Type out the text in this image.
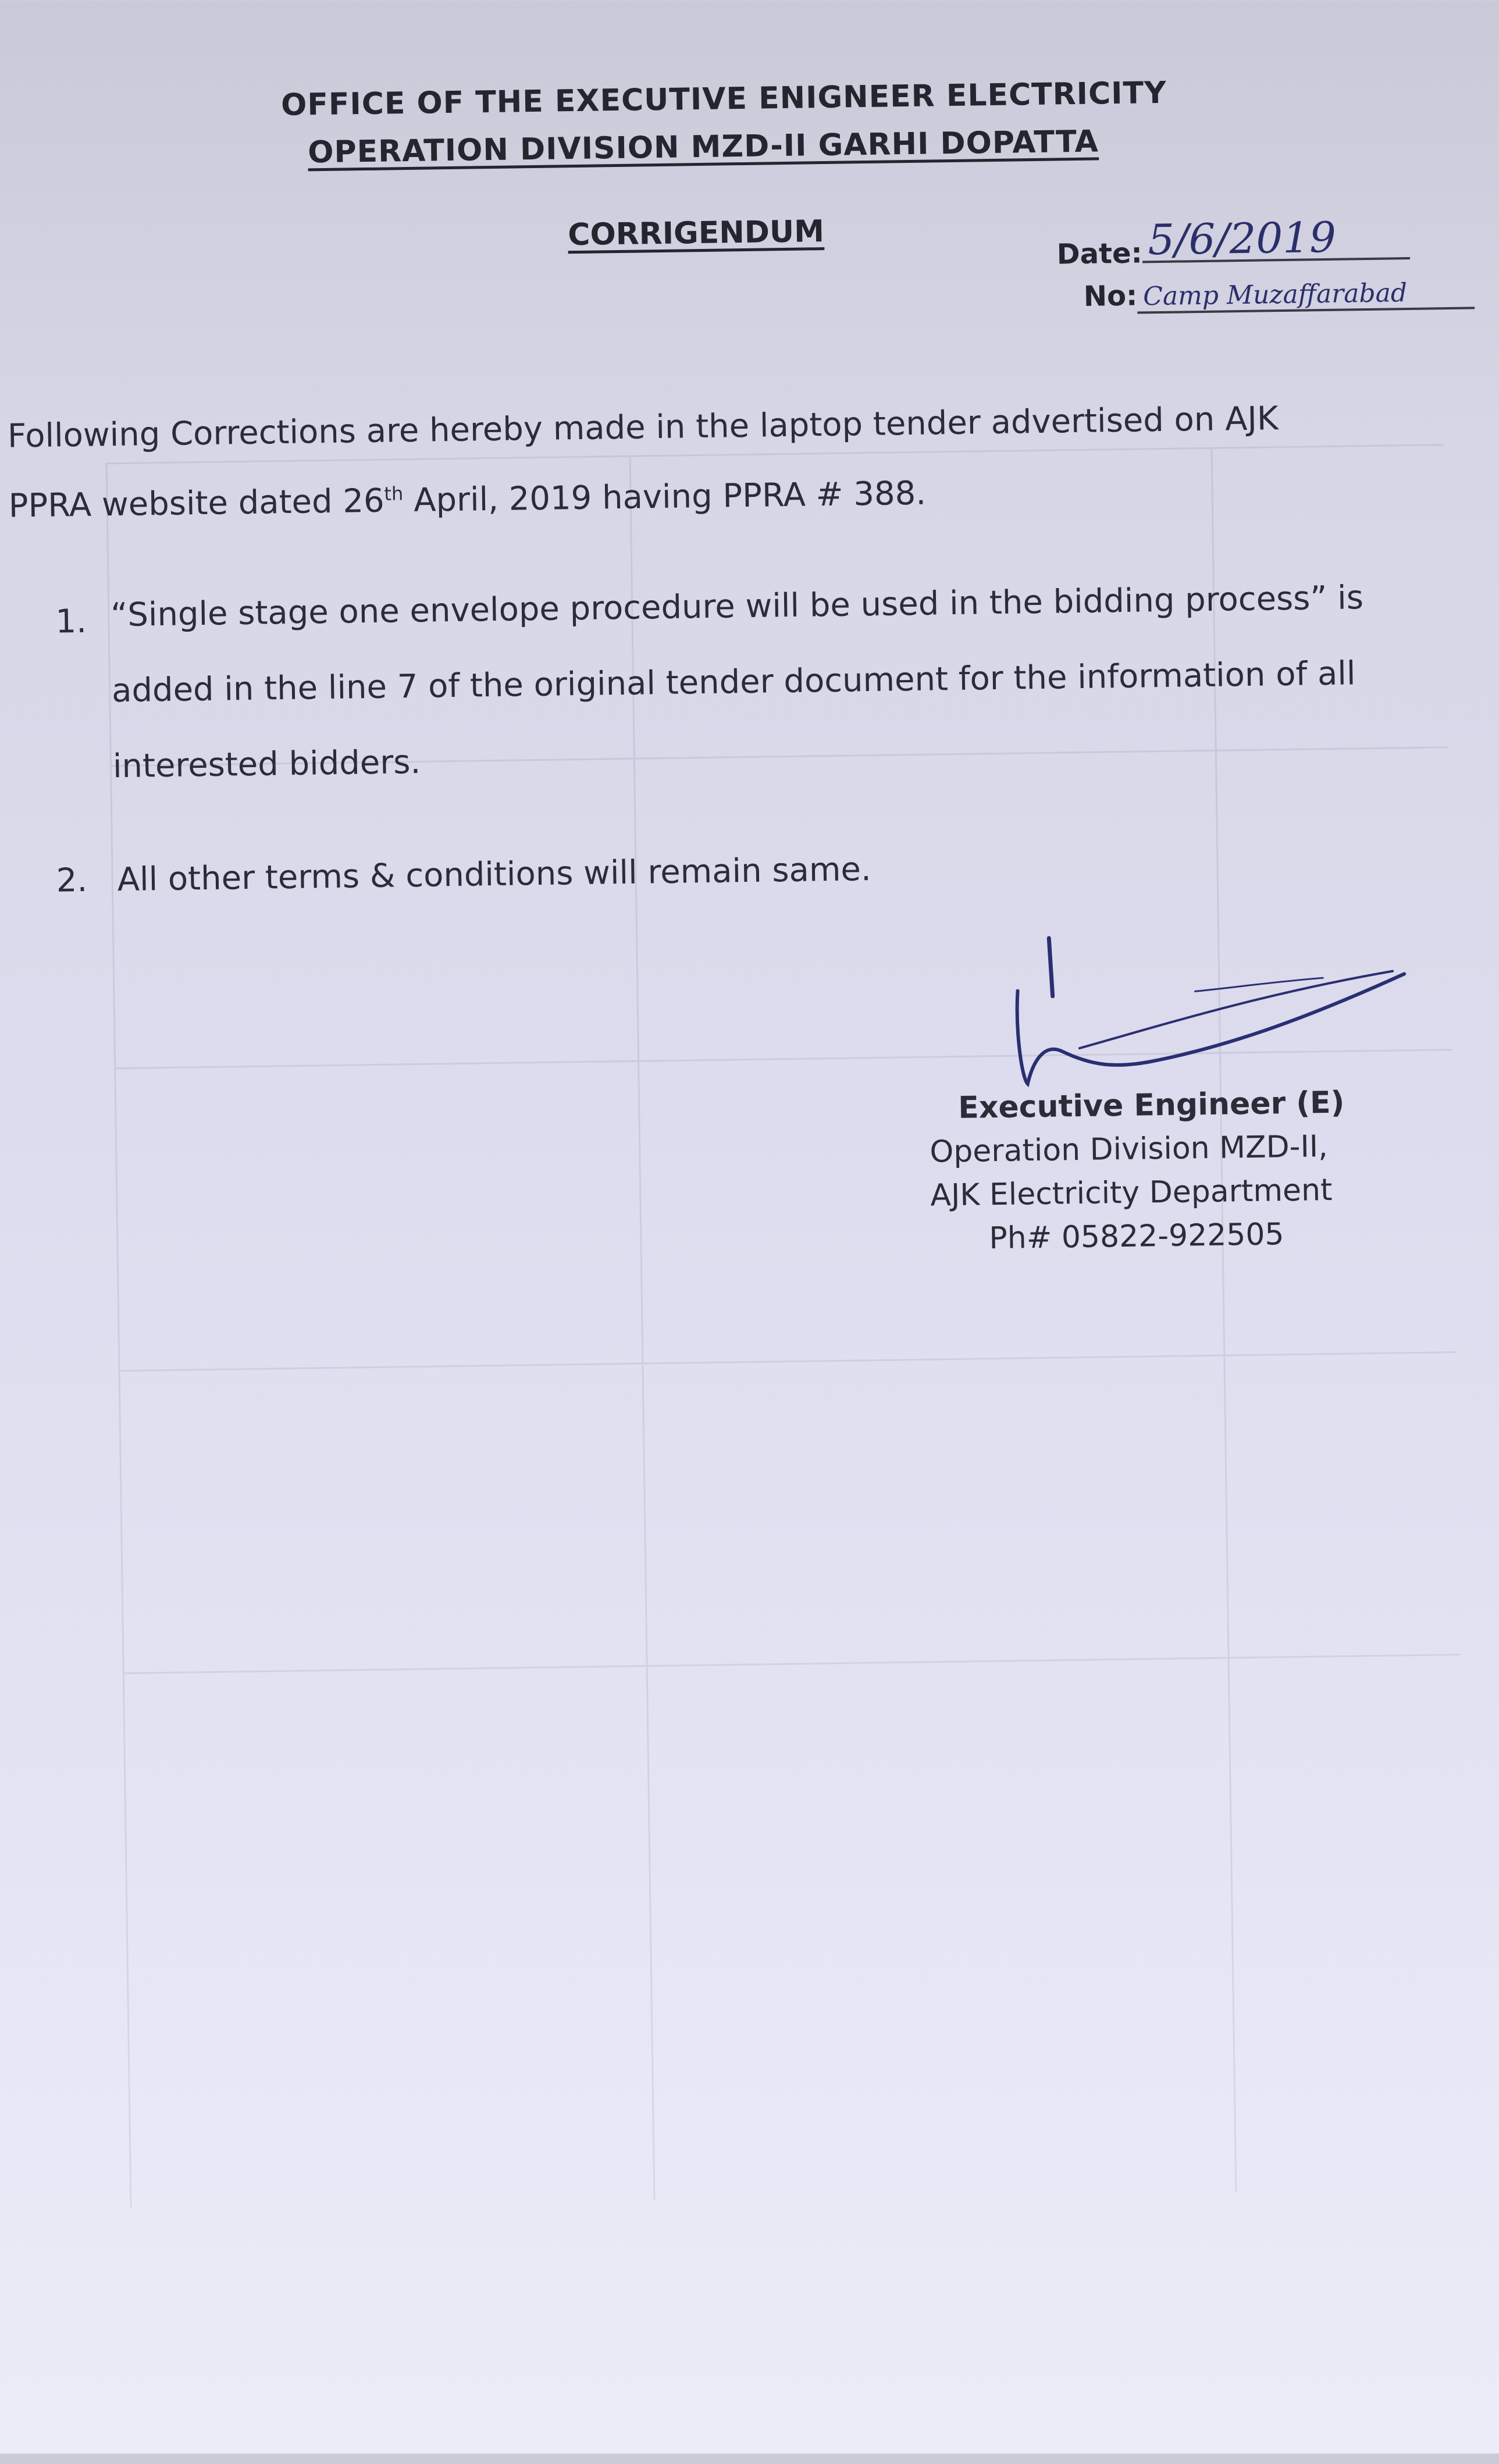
OFFICE OF THE EXECUTIVE ENIGNEER ELECTRICITY
OPERATION DIVISION MZD-II GARHI DOPATTA
CORRIGENDUM
Date: 5/6/2019
No: Camp Muzaffarabad
Following Corrections are hereby made in the laptop tender advertised on AJK
PPRA website dated 26th April, 2019 having PPRA # 388.
1. “Single stage one envelope procedure will be used in the bidding process” is
added in the line 7 of the original tender document for the information of all
interested bidders.
2. All other terms & conditions will remain same.
Executive Engineer (E)
Operation Division MZD-II,
AJK Electricity Department
Ph# 05822-922505
